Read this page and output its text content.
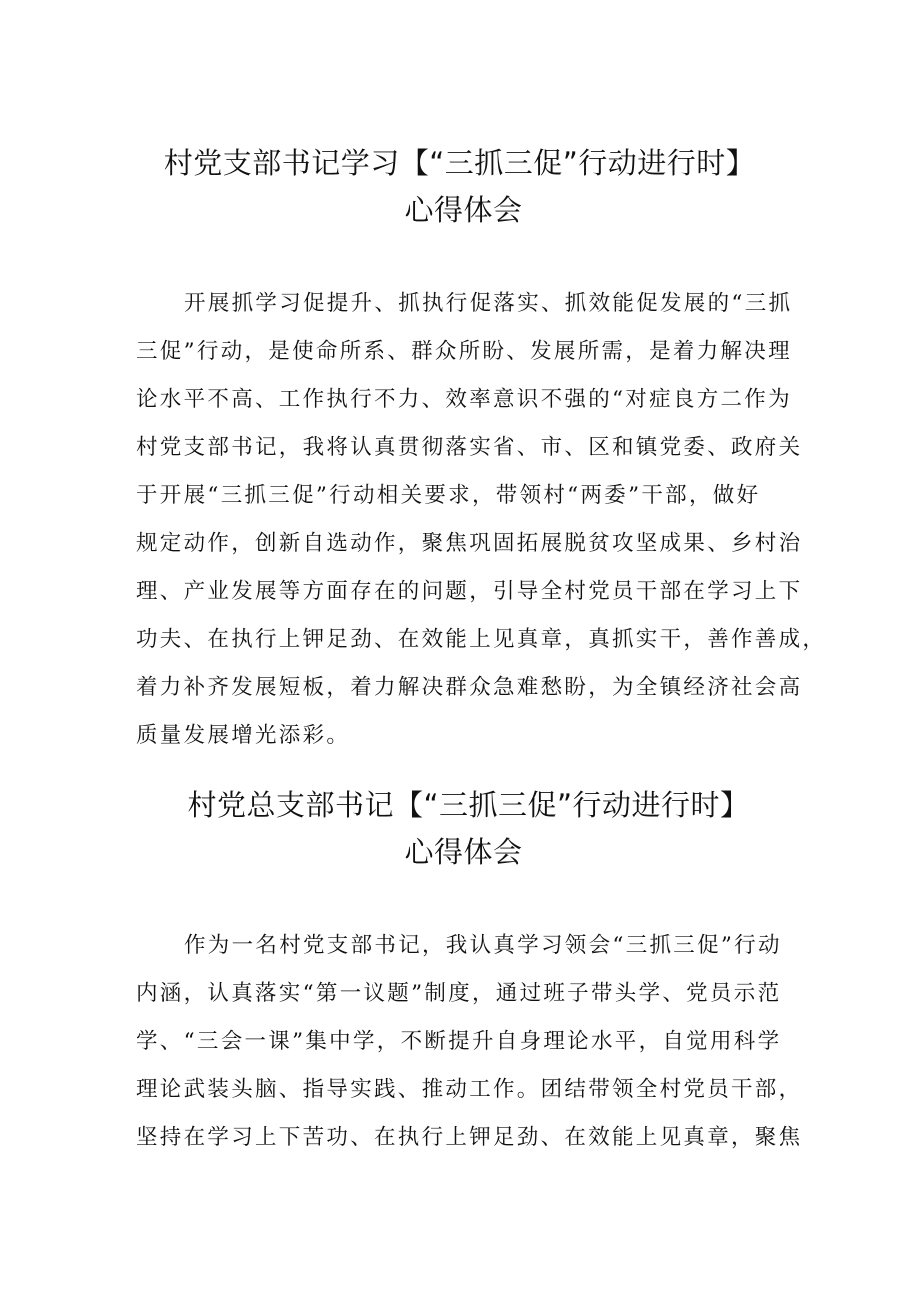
村党支部书记学习【“三抓三促”行动进行时】
心得体会

开展抓学习促提升、抓执行促落实、抓效能促发展的“三抓
三促”行动，是使命所系、群众所盼、发展所需，是着力解决理
论水平不高、工作执行不力、效率意识不强的“对症良方二作为
村党支部书记，我将认真贯彻落实省、市、区和镇党委、政府关
于开展“三抓三促”行动相关要求，带领村“两委”干部，做好
规定动作，创新自选动作，聚焦巩固拓展脱贫攻坚成果、乡村治
理、产业发展等方面存在的问题，引导全村党员干部在学习上下
功夫、在执行上钾足劲、在效能上见真章，真抓实干，善作善成，
着力补齐发展短板，着力解决群众急难愁盼，为全镇经济社会高
质量发展增光添彩。

村党总支部书记【“三抓三促”行动进行时】
心得体会

作为一名村党支部书记，我认真学习领会“三抓三促”行动
内涵，认真落实“第一议题”制度，通过班子带头学、党员示范
学、“三会一课”集中学，不断提升自身理论水平，自觉用科学
理论武装头脑、指导实践、推动工作。团结带领全村党员干部，
坚持在学习上下苦功、在执行上钾足劲、在效能上见真章，聚焦
